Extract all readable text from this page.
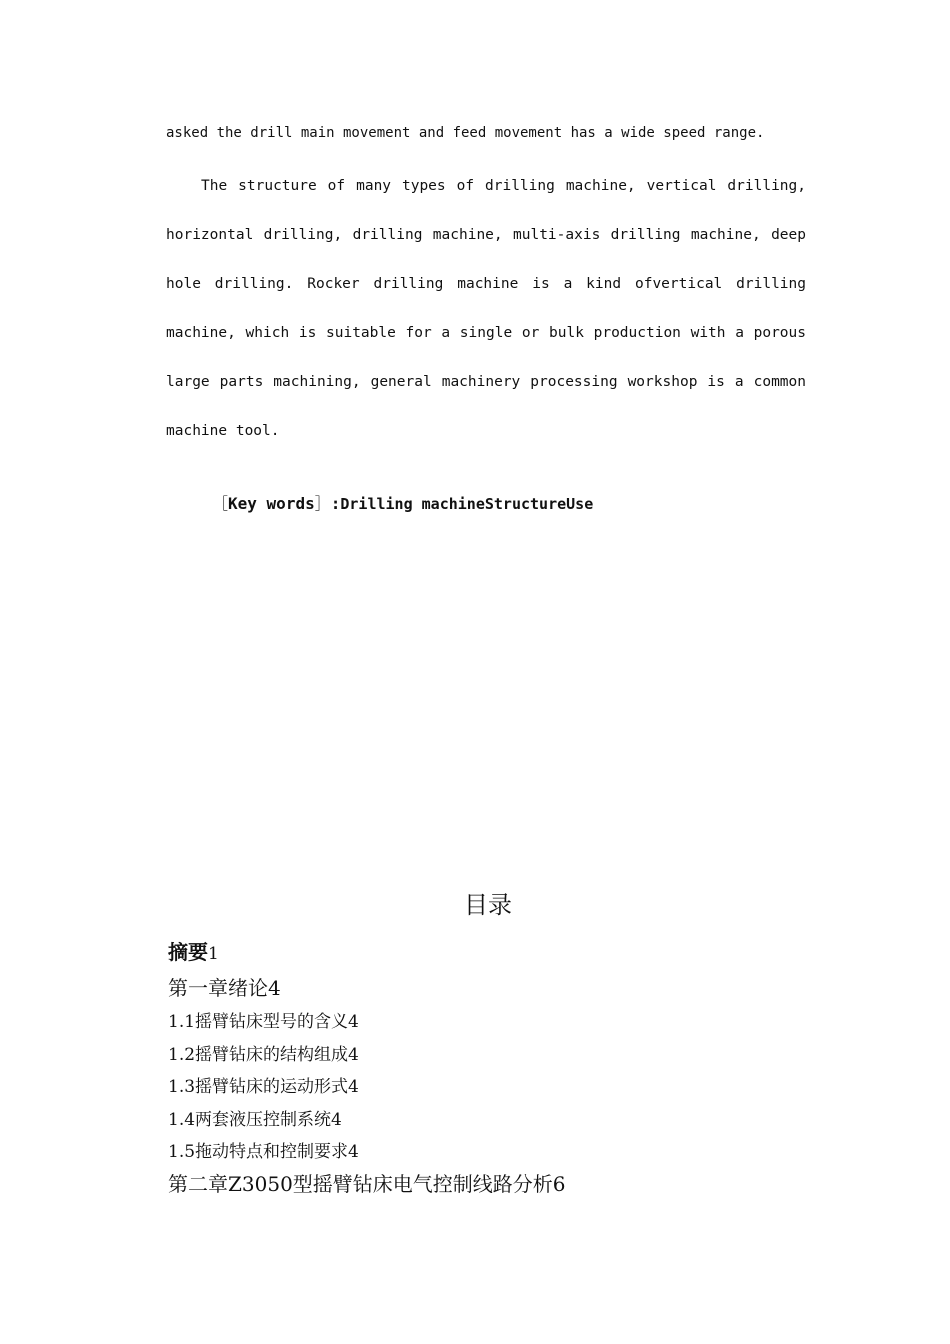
asked the drill main movement and feed movement has a wide speed range.
The structure of many types of drilling machine, vertical drilling, horizontal drilling, drilling machine, multi-axis drilling machine, deep hole drilling. Rocker drilling machine is a kind ofvertical drilling machine, which is suitable for a single or bulk production with a porous large parts machining, general machinery processing workshop is a common machine tool.
［Key words］:Drilling machineStructureUse
目录
摘要1
第一章绪论4
1.1摇臂钻床型号的含义4
1.2摇臂钻床的结构组成4
1.3摇臂钻床的运动形式4
1.4两套液压控制系统4
1.5拖动特点和控制要求4
第二章Z3050型摇臂钻床电气控制线路分析6
